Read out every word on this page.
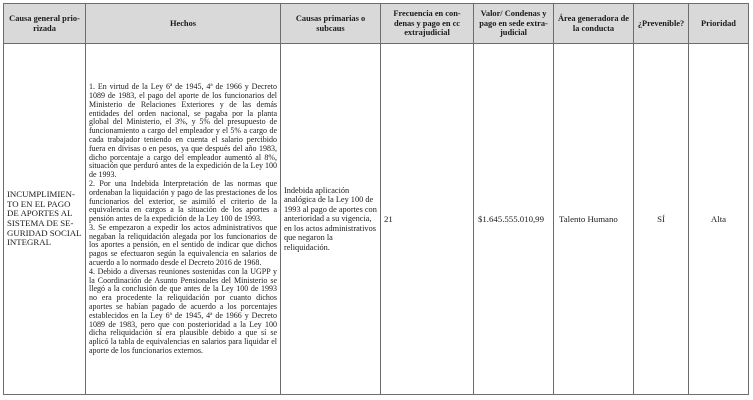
Causa general prio-rizada	Hechos	Causas primarias o subcaus	Frecuencia en con-denas y pago en cc extrajudicial	Valor/ Condenas y pago en sede extra-judicial	Área generadora de la conducta	¿Prevenible?	Prioridad
INCUMPLIMIEN-TO EN EL PAGO DE APORTES AL SISTEMA DE SE-GURIDAD SOCIAL INTEGRAL	1. En virtud de la Ley 6ª de 1945, 4ª de 1966 y Decreto 1089 de 1983, el pago del aporte de los funcionarios del Ministerio de Relaciones Exteriores y de las demás entidades del orden nacional, se pagaba por la planta global del Ministerio, el 3%, y 5% del presupuesto de funcionamiento a cargo del empleador y el 5% a cargo de cada trabajador teniendo en cuenta el salario percibido fuera en divisas o en pesos, ya que después del año 1983, dicho porcentaje a cargo del empleador aumentó al 8%, situación que perduró antes de la expedición de la Ley 100 de 1993.

2. Por una Indebida Interpretación de las normas que ordenaban la liquidación y pago de las prestaciones de los funcionarios del exterior, se asimiló el criterio de la equivalencia en cargos a la situación de los aportes a pensión antes de la expedición de la Ley 100 de 1993.

3. Se empezaron a expedir los actos administrativos que negaban la reliquidación alegada por los funcionarios de los aportes a pensión, en el sentido de indicar que dichos pagos se efectuaron según la equivalencia en salarios de acuerdo a lo normado desde el Decreto 2016 de 1968.

4. Debido a diversas reuniones sostenidas con la UGPP y la Coordinación de Asunto Pensionales del Ministerio se llegó a la conclusión de que antes de la Ley 100 de 1993 no era procedente la reliquidación por cuanto dichos aportes se habían pagado de acuerdo a los porcentajes establecidos en la Ley 6ª de 1945, 4ª de 1966 y Decreto 1089 de 1983, pero que con posterioridad a la Ley 100 dicha reliquidación sí era plausible debido a que sí se aplicó la tabla de equivalencias en salarios para liquidar el aporte de los funcionarios externos.	Indebida aplicación analógica de la Ley 100 de 1993 al pago de aportes con anterioridad a su vigencia, en los actos administrativos que negaron la reliquidación.	21	$1.645.555.010,99	Talento Humano	SÍ	Alta
